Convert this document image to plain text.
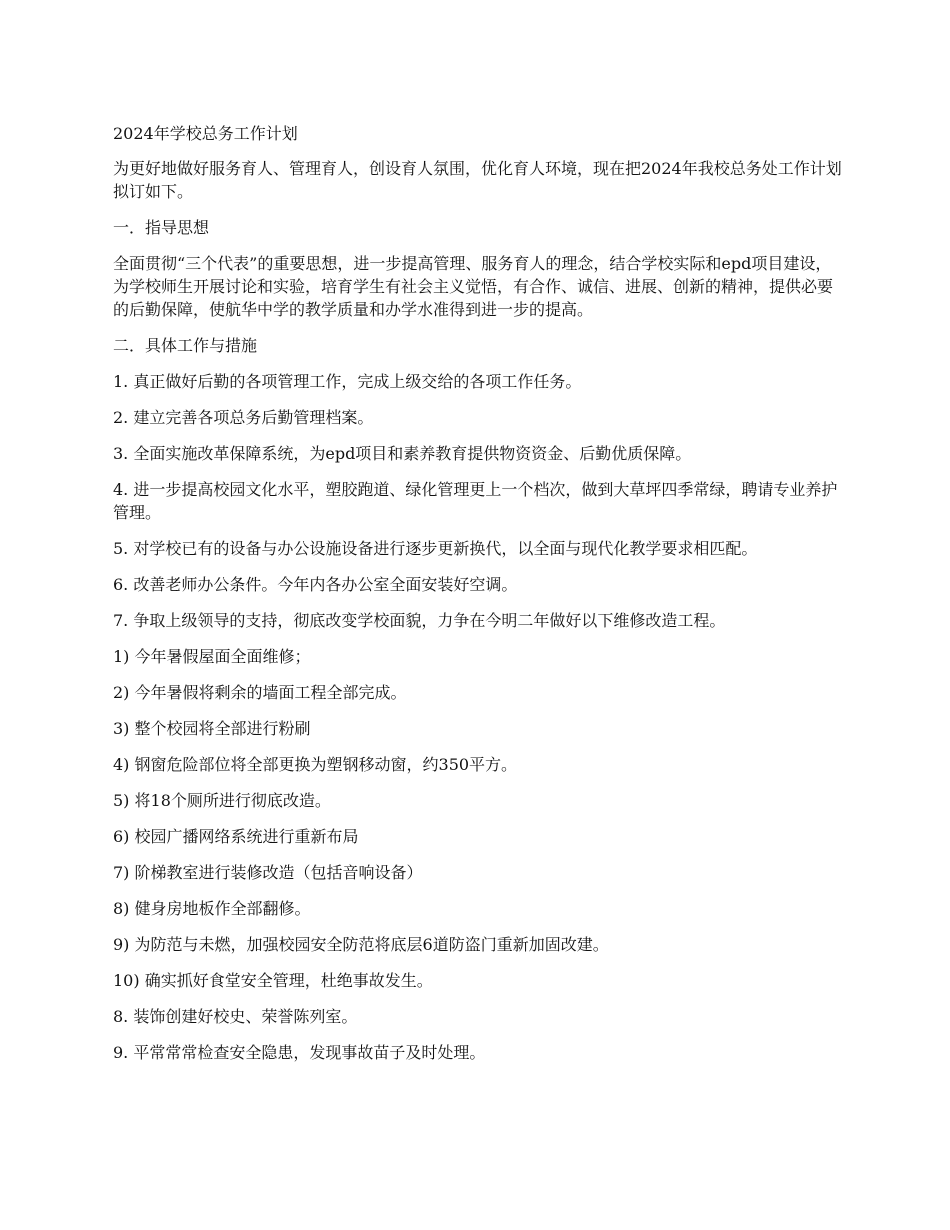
2024年学校总务工作计划

为更好地做好服务育人、管理育人，创设育人氛围，优化育人环境，现在把2024年我校总务处工作计划拟订如下。

一．指导思想

全面贯彻“三个代表”的重要思想，进一步提高管理、服务育人的理念，结合学校实际和epd项目建设，为学校师生开展讨论和实验，培育学生有社会主义觉悟，有合作、诚信、进展、创新的精神，提供必要的后勤保障，使航华中学的教学质量和办学水准得到进一步的提高。

二．具体工作与措施

1. 真正做好后勤的各项管理工作，完成上级交给的各项工作任务。

2. 建立完善各项总务后勤管理档案。

3. 全面实施改革保障系统，为epd项目和素养教育提供物资资金、后勤优质保障。

4. 进一步提高校园文化水平，塑胶跑道、绿化管理更上一个档次，做到大草坪四季常绿，聘请专业养护管理。

5. 对学校已有的设备与办公设施设备进行逐步更新换代，以全面与现代化教学要求相匹配。

6. 改善老师办公条件。今年内各办公室全面安装好空调。

7. 争取上级领导的支持，彻底改变学校面貌，力争在今明二年做好以下维修改造工程。

1) 今年暑假屋面全面维修；

2) 今年暑假将剩余的墙面工程全部完成。

3) 整个校园将全部进行粉刷

4) 钢窗危险部位将全部更换为塑钢移动窗，约350平方。

5) 将18个厕所进行彻底改造。

6) 校园广播网络系统进行重新布局

7) 阶梯教室进行装修改造（包括音响设备）

8) 健身房地板作全部翻修。

9) 为防范与未燃，加强校园安全防范将底层6道防盗门重新加固改建。

10) 确实抓好食堂安全管理，杜绝事故发生。

8. 装饰创建好校史、荣誉陈列室。

9. 平常常常检查安全隐患，发现事故苗子及时处理。
